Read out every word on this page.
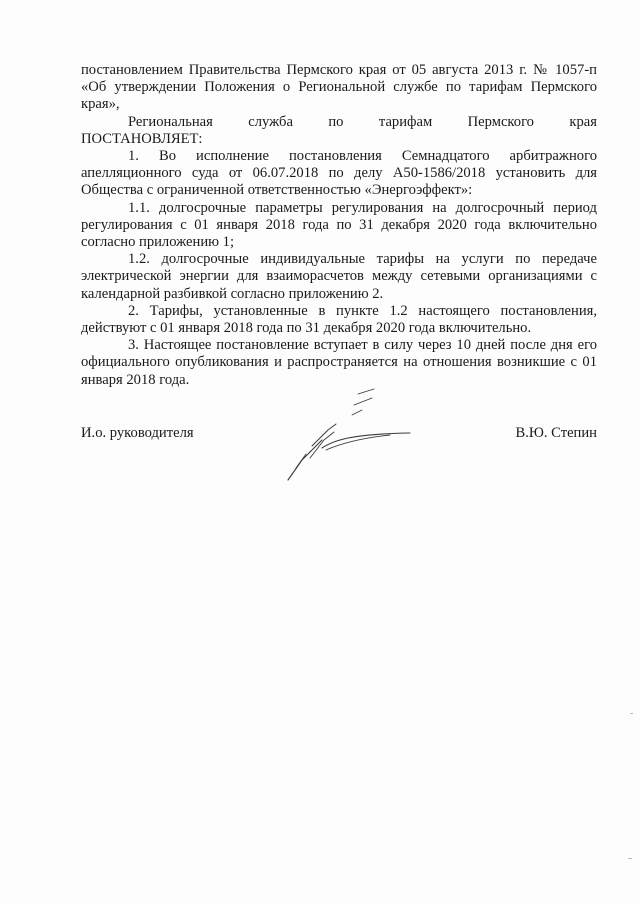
постановлением Правительства Пермского края от 05 августа 2013 г. № 1057-п «Об утверждении Положения о Региональной службе по тарифам Пермского края»,

Региональная служба по тарифам Пермского края

ПОСТАНОВЛЯЕТ:

1. Во исполнение постановления Семнадцатого арбитражного апелляционного суда от 06.07.2018 по делу А50-1586/2018 установить для Общества с ограниченной ответственностью «Энергоэффект»:

1.1. долгосрочные параметры регулирования на долгосрочный период регулирования с 01 января 2018 года по 31 декабря 2020 года включительно согласно приложению 1;

1.2. долгосрочные индивидуальные тарифы на услуги по передаче электрической энергии для взаиморасчетов между сетевыми организациями с календарной разбивкой согласно приложению 2.

2. Тарифы, установленные в пункте 1.2 настоящего постановления, действуют с 01 января 2018 года по 31 декабря 2020 года включительно.

3. Настоящее постановление вступает в силу через 10 дней после дня его официального опубликования и распространяется на отношения возникшие с 01 января 2018 года.

И.о. руководителя	В.Ю. Степин
